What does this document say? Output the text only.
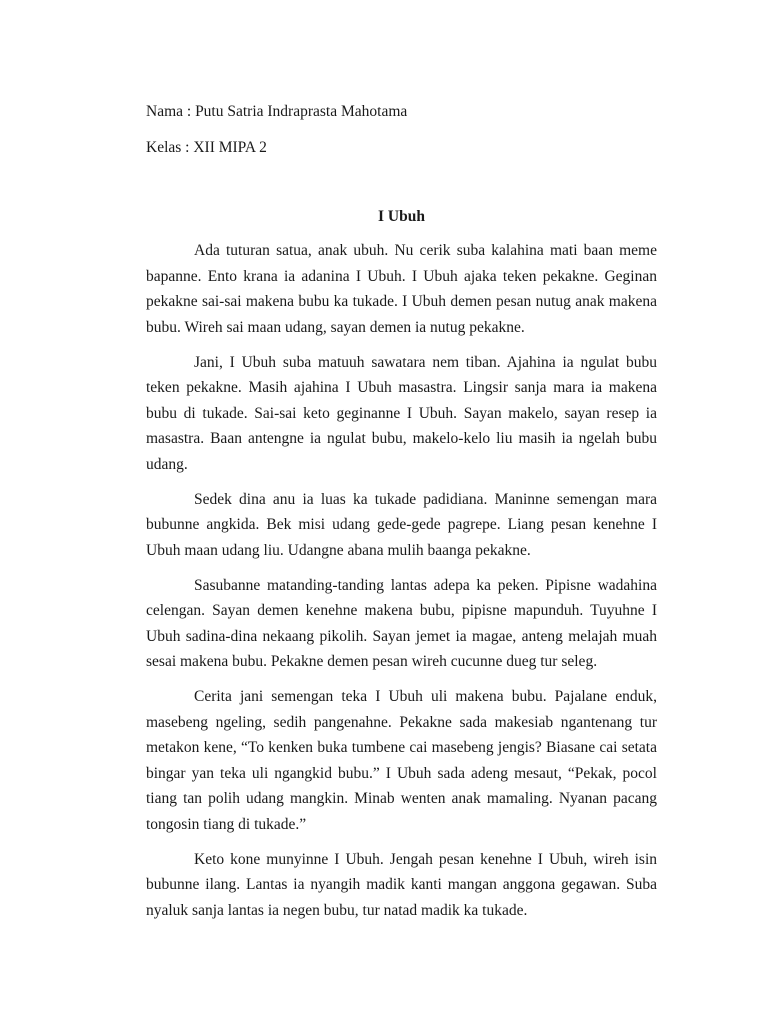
Nama : Putu Satria Indraprasta Mahotama
Kelas : XII MIPA 2
I Ubuh

Ada tuturan satua, anak ubuh. Nu cerik suba kalahina mati baan meme bapanne. Ento krana ia adanina I Ubuh. I Ubuh ajaka teken pekakne. Geginan pekakne sai-sai makena bubu ka tukade. I Ubuh demen pesan nutug anak makena bubu. Wireh sai maan udang, sayan demen ia nutug pekakne.

Jani, I Ubuh suba matuuh sawatara nem tiban. Ajahina ia ngulat bubu teken pekakne. Masih ajahina I Ubuh masastra. Lingsir sanja mara ia makena bubu di tukade. Sai-sai keto geginanne I Ubuh. Sayan makelo, sayan resep ia masastra. Baan antengne ia ngulat bubu, makelo-kelo liu masih ia ngelah bubu udang.

Sedek dina anu ia luas ka tukade padidiana. Maninne semengan mara bubunne angkida. Bek misi udang gede-gede pagrepe. Liang pesan kenehne I Ubuh maan udang liu. Udangne abana mulih baanga pekakne.

Sasubanne matanding-tanding lantas adepa ka peken. Pipisne wadahina celengan. Sayan demen kenehne makena bubu, pipisne mapunduh. Tuyuhne I Ubuh sadina-dina nekaang pikolih. Sayan jemet ia magae, anteng melajah muah sesai makena bubu. Pekakne demen pesan wireh cucunne dueg tur seleg.

Cerita jani semengan teka I Ubuh uli makena bubu. Pajalane enduk, masebeng ngeling, sedih pangenahne. Pekakne sada makesiab ngantenang tur metakon kene, “To kenken buka tumbene cai masebeng jengis? Biasane cai setata bingar yan teka uli ngangkid bubu.” I Ubuh sada adeng mesaut, “Pekak, pocol tiang tan polih udang mangkin. Minab wenten anak mamaling. Nyanan pacang tongosin tiang di tukade.”

Keto kone munyinne I Ubuh. Jengah pesan kenehne I Ubuh, wireh isin bubunne ilang. Lantas ia nyangih madik kanti mangan anggona gegawan. Suba nyaluk sanja lantas ia negen bubu, tur natad madik ka tukade.
